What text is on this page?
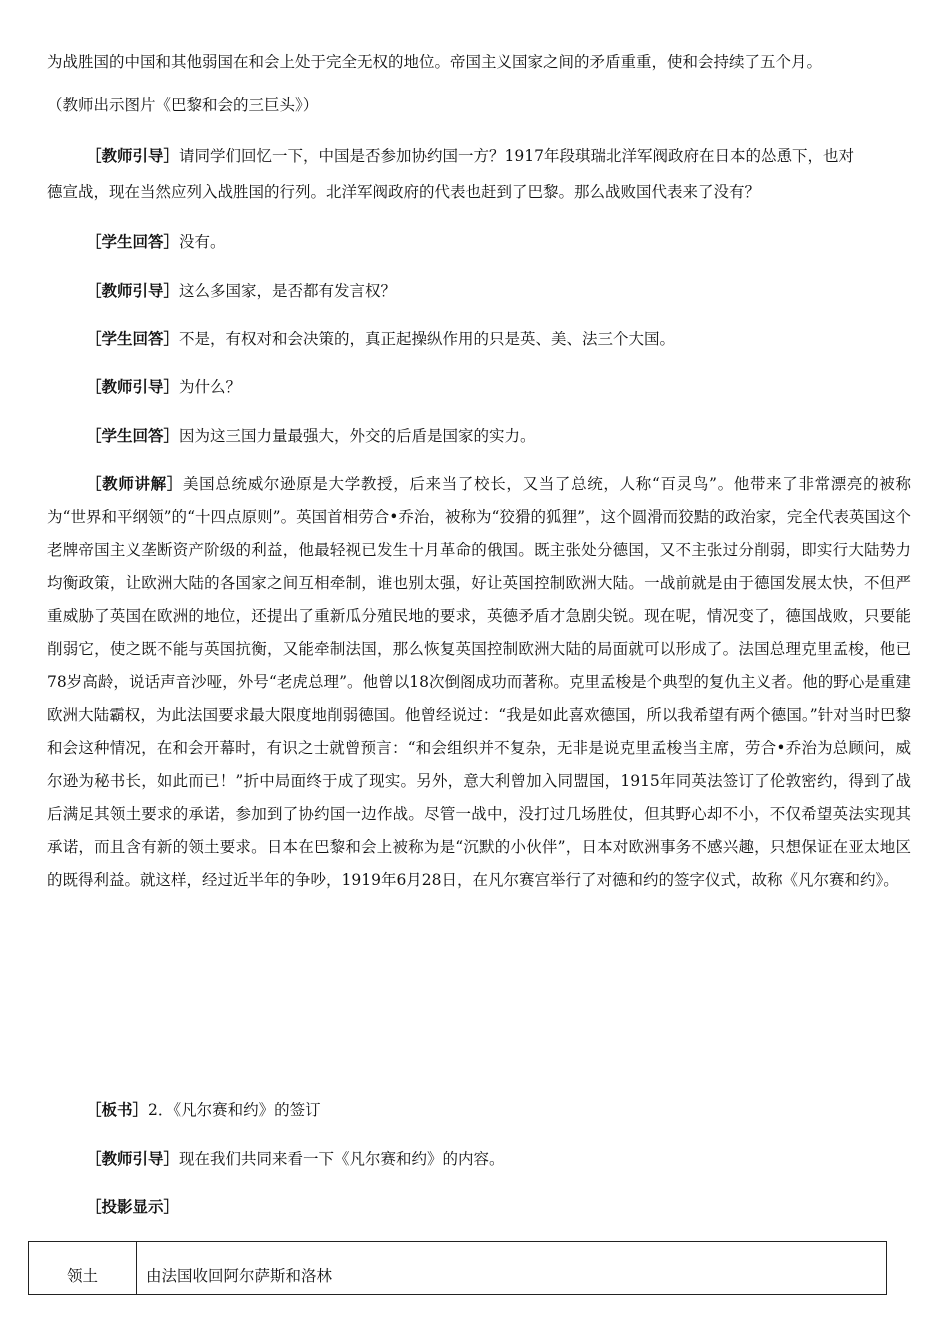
为战胜国的中国和其他弱国在和会上处于完全无权的地位。帝国主义国家之间的矛盾重重，使和会持续了五个月。
（教师出示图片《巴黎和会的三巨头》）
［教师引导］请同学们回忆一下，中国是否参加协约国一方？1917年段琪瑞北洋军阀政府在日本的怂恿下，也对
德宣战，现在当然应列入战胜国的行列。北洋军阀政府的代表也赶到了巴黎。那么战败国代表来了没有？
［学生回答］没有。
［教师引导］这么多国家，是否都有发言权？
［学生回答］不是，有权对和会决策的，真正起操纵作用的只是英、美、法三个大国。
［教师引导］为什么？
［学生回答］因为这三国力量最强大，外交的后盾是国家的实力。
［教师讲解］美国总统威尔逊原是大学教授，后来当了校长，又当了总统，人称“百灵鸟”。他带来了非常漂亮的被称为“世界和平纲领”的“十四点原则”。英国首相劳合•乔治，被称为“狡猾的狐狸”，这个圆滑而狡黠的政治家，完全代表英国这个老牌帝国主义垄断资产阶级的利益，他最轻视已发生十月革命的俄国。既主张处分德国，又不主张过分削弱，即实行大陆势力均衡政策，让欧洲大陆的各国家之间互相牵制，谁也别太强，好让英国控制欧洲大陆。一战前就是由于德国发展太快，不但严重威胁了英国在欧洲的地位，还提出了重新瓜分殖民地的要求，英德矛盾才急剧尖锐。现在呢，情况变了，德国战败，只要能削弱它，使之既不能与英国抗衡，又能牵制法国，那么恢复英国控制欧洲大陆的局面就可以形成了。法国总理克里孟梭，他已78岁高龄，说话声音沙哑，外号“老虎总理”。他曾以18次倒阁成功而著称。克里孟梭是个典型的复仇主义者。他的野心是重建欧洲大陆霸权，为此法国要求最大限度地削弱德国。他曾经说过：“我是如此喜欢德国，所以我希望有两个德国。”针对当时巴黎和会这种情况，在和会开幕时，有识之士就曾预言：“和会组织并不复杂，无非是说克里孟梭当主席，劳合•乔治为总顾问，威尔逊为秘书长，如此而已！”折中局面终于成了现实。另外，意大利曾加入同盟国，1915年同英法签订了伦敦密约，得到了战后满足其领土要求的承诺，参加到了协约国一边作战。尽管一战中，没打过几场胜仗，但其野心却不小，不仅希望英法实现其承诺，而且含有新的领土要求。日本在巴黎和会上被称为是“沉默的小伙伴”，日本对欧洲事务不感兴趣，只想保证在亚太地区的既得利益。就这样，经过近半年的争吵，1919年6月28日，在凡尔赛宫举行了对德和约的签字仪式，故称《凡尔赛和约》。
［板书］2．《凡尔赛和约》的签订
［教师引导］现在我们共同来看一下《凡尔赛和约》的内容。
［投影显示］
领土	由法国收回阿尔萨斯和洛林
